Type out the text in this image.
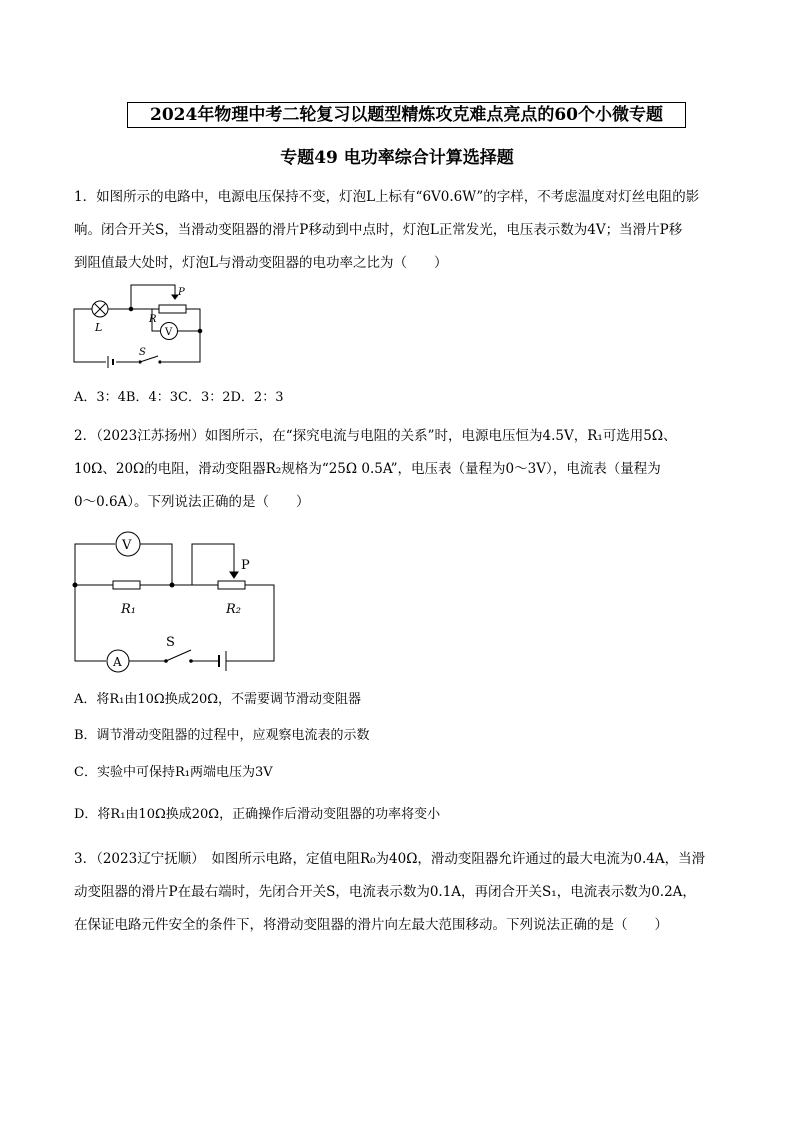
2024年物理中考二轮复习以题型精炼攻克难点亮点的60个小微专题
专题49 电功率综合计算选择题
1．如图所示的电路中，电源电压保持不变，灯泡L上标有“6V0.6W”的字样，不考虑温度对灯丝电阻的影
响。闭合开关S，当滑动变阻器的滑片P移动到中点时，灯泡L正常发光，电压表示数为4V；当滑片P移
到阻值最大处时，灯泡L与滑动变阻器的电功率之比为（　　）
L
P
R
V
S
A．3：4B．4：3C．3：2D．2：3
2．（2023江苏扬州）如图所示，在“探究电流与电阻的关系”时，电源电压恒为4.5V，R₁可选用5Ω、
10Ω、20Ω的电阻，滑动变阻器R₂规格为“25Ω 0.5A”，电压表（量程为0～3V），电流表（量程为
0～0.6A）。下列说法正确的是（　　）
V
R₁
P
R₂
A
S
A．将R₁由10Ω换成20Ω，不需要调节滑动变阻器
B．调节滑动变阻器的过程中，应观察电流表的示数
C．实验中可保持R₁两端电压为3V
D．将R₁由10Ω换成20Ω，正确操作后滑动变阻器的功率将变小
3．（2023辽宁抚顺）　如图所示电路，定值电阻R₀为40Ω，滑动变阻器允许通过的最大电流为0.4A，当滑
动变阻器的滑片P在最右端时，先闭合开关S，电流表示数为0.1A，再闭合开关S₁，电流表示数为0.2A，
在保证电路元件安全的条件下，将滑动变阻器的滑片向左最大范围移动。下列说法正确的是（　　）
